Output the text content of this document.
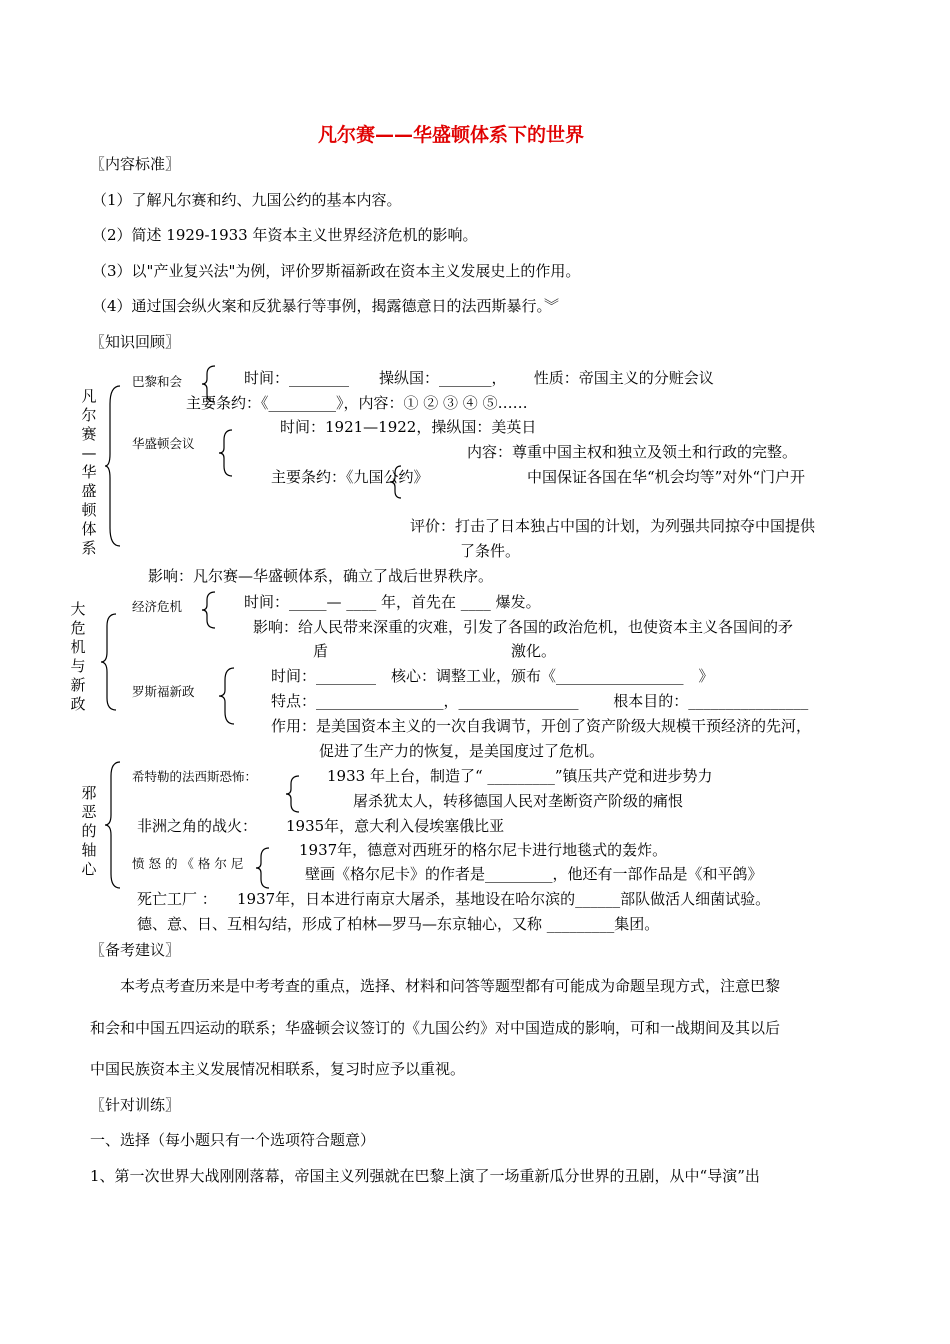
凡尔赛——华盛顿体系下的世界
〖内容标准〗
（1）了解凡尔赛和约、九国公约的基本内容。
（2）简述 1929-1933 年资本主义世界经济危机的影响。
（3）以"产业复兴法"为例，评价罗斯福新政在资本主义发展史上的作用。
（4）通过国会纵火案和反犹暴行等事例，揭露德意日的法西斯暴行。︾
〖知识回顾〗
凡
尔
赛
—
华
盛
顿
体
系
巴黎和会	时间：________　　操纵国：_______，　　 性质：帝国主义的分赃会议
主要条约：《_________》，内容：① ② ③ ④ ⑤……
华盛顿会议
时间：1921—1922，操纵国：美英日
内容：尊重中国主权和独立及领土和行政的完整。
主要条约：《九国公约》	中国保证各国在华“机会均等”对外“门户开
评价：打击了日本独占中国的计划，为列强共同掠夺中国提供
了条件。
影响：凡尔赛—华盛顿体系，确立了战后世界秩序。
大
危
机
与
新
政
经济危机	时间：_____— ____ 年，首先在 ____ 爆发。
影响：给人民带来深重的灾难，引发了各国的政治危机，也使资本主义各国间的矛
盾	激化。
罗斯福新政
时间：________　核心：调整工业，颁布《_________________　》
特点：_________________，________________　　 根本目的：________________
作用：是美国资本主义的一次自我调节，开创了资产阶级大规模干预经济的先河，
促进了生产力的恢复，是美国度过了危机。
邪
恶
的
轴
心
希特勒的法西斯恐怖：	1933 年上台，制造了“ _________”镇压共产党和进步势力
屠杀犹太人，转移德国人民对垄断资产阶级的痛恨
非洲之角的战火： 1935年，意大利入侵埃塞俄比亚
愤 怒 的 《 格 尔 尼
1937年，德意对西班牙的格尔尼卡进行地毯式的轰炸。
壁画《格尔尼卡》的作者是_________，他还有一部作品是《和平鸽》
死亡工厂 ： 1937年，日本进行南京大屠杀，基地设在哈尔滨的______部队做活人细菌试验。
德、意、日、互相勾结，形成了柏林—罗马—东京轴心，又称 _________集团。
〖备考建议〗
本考点考查历来是中考考查的重点，选择、材料和问答等题型都有可能成为命题呈现方式，注意巴黎
和会和中国五四运动的联系；华盛顿会议签订的《九国公约》对中国造成的影响，可和一战期间及其以后
中国民族资本主义发展情况相联系，复习时应予以重视。
〖针对训练〗
一、选择（每小题只有一个选项符合题意）
1、第一次世界大战刚刚落幕，帝国主义列强就在巴黎上演了一场重新瓜分世界的丑剧，从中“导演”出
